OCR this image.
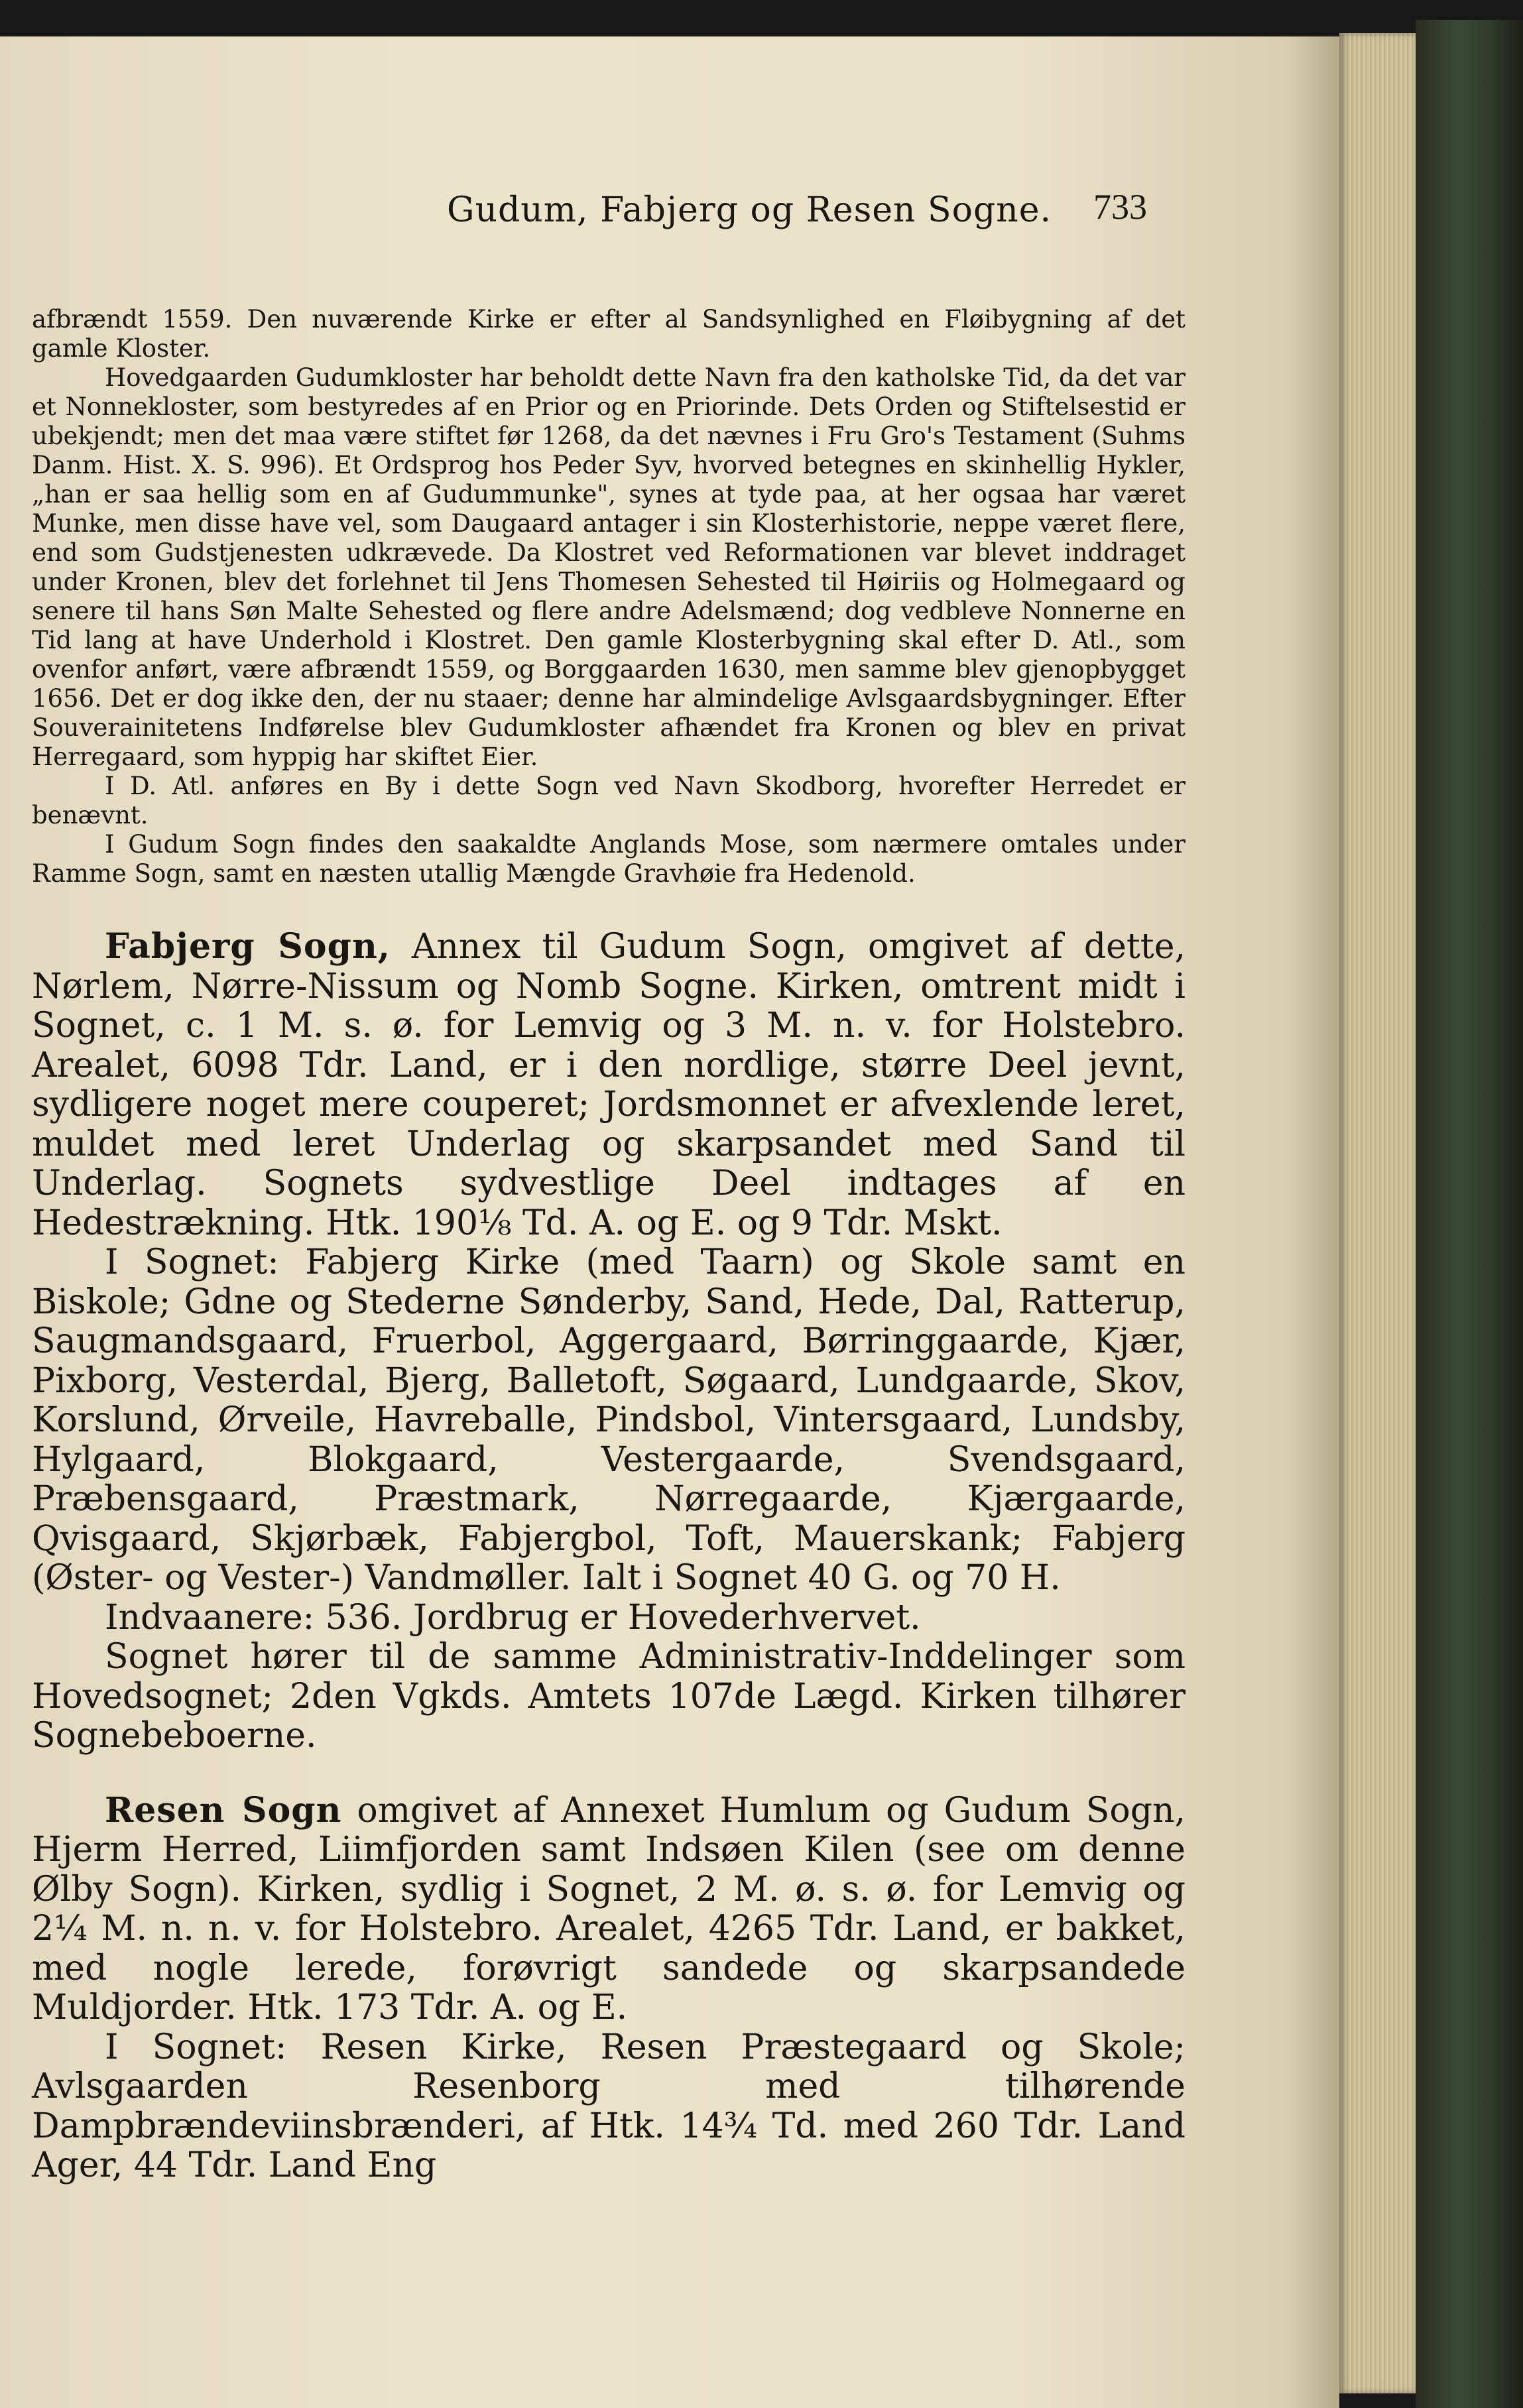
Gudum, Fabjerg og Resen Sogne.	733

afbrændt 1559. Den nuværende Kirke er efter al Sandsynlighed en Fløibygning af det gamle Kloster.

Hovedgaarden Gudumkloster har beholdt dette Navn fra den katholske Tid, da det var et Nonnekloster, som bestyredes af en Prior og en Priorinde. Dets Orden og Stiftelsestid er ubekjendt; men det maa være stiftet før 1268, da det nævnes i Fru Gro's Testament (Suhms Danm. Hist. X. S. 996). Et Ordsprog hos Peder Syv, hvorved betegnes en skinhellig Hykler, „han er saa hellig som en af Gudummunke", synes at tyde paa, at her ogsaa har været Munke, men disse have vel, som Daugaard antager i sin Klosterhistorie, neppe været flere, end som Gudstjenesten udkrævede. Da Klostret ved Reformationen var blevet inddraget under Kronen, blev det forlehnet til Jens Thomesen Sehested til Høiriis og Holmegaard og senere til hans Søn Malte Sehested og flere andre Adelsmænd; dog vedbleve Nonnerne en Tid lang at have Underhold i Klostret. Den gamle Klosterbygning skal efter D. Atl., som ovenfor anført, være afbrændt 1559, og Borggaarden 1630, men samme blev gjenopbygget 1656. Det er dog ikke den, der nu staaer; denne har almindelige Avlsgaardsbygninger. Efter Souverainitetens Indførelse blev Gudumkloster afhændet fra Kronen og blev en privat Herregaard, som hyppig har skiftet Eier.

I D. Atl. anføres en By i dette Sogn ved Navn Skodborg, hvorefter Herredet er benævnt.

I Gudum Sogn findes den saakaldte Anglands Mose, som nærmere omtales under Ramme Sogn, samt en næsten utallig Mængde Gravhøie fra Hedenold.

Fabjerg Sogn, Annex til Gudum Sogn, omgivet af dette, Nørlem, Nørre-Nissum og Nomb Sogne. Kirken, omtrent midt i Sognet, c. 1 M. s. ø. for Lemvig og 3 M. n. v. for Holstebro. Arealet, 6098 Tdr. Land, er i den nordlige, større Deel jevnt, sydligere noget mere couperet; Jordsmonnet er afvexlende leret, muldet med leret Underlag og skarpsandet med Sand til Underlag. Sognets sydvestlige Deel indtages af en Hedestrækning. Htk. 190⅛ Td. A. og E. og 9 Tdr. Mskt.

I Sognet: Fabjerg Kirke (med Taarn) og Skole samt en Biskole; Gdne og Stederne Sønderby, Sand, Hede, Dal, Ratterup, Saugmandsgaard, Fruerbol, Aggergaard, Børringgaarde, Kjær, Pixborg, Vesterdal, Bjerg, Balletoft, Søgaard, Lundgaarde, Skov, Korslund, Ørveile, Havreballe, Pindsbol, Vintersgaard, Lundsby, Hylgaard, Blokgaard, Vestergaarde, Svendsgaard, Præbensgaard, Præstmark, Nørregaarde, Kjærgaarde, Qvisgaard, Skjørbæk, Fabjergbol, Toft, Mauerskank; Fabjerg (Øster- og Vester-) Vandmøller. Ialt i Sognet 40 G. og 70 H.

Indvaanere: 536. Jordbrug er Hovederhvervet.

Sognet hører til de samme Administrativ-Inddelinger som Hovedsognet; 2den Vgkds. Amtets 107de Lægd. Kirken tilhører Sognebeboerne.

Resen Sogn omgivet af Annexet Humlum og Gudum Sogn, Hjerm Herred, Liimfjorden samt Indsøen Kilen (see om denne Ølby Sogn). Kirken, sydlig i Sognet, 2 M. ø. s. ø. for Lemvig og 2¼ M. n. n. v. for Holstebro. Arealet, 4265 Tdr. Land, er bakket, med nogle lerede, forøvrigt sandede og skarpsandede Muldjorder. Htk. 173 Tdr. A. og E.

I Sognet: Resen Kirke, Resen Præstegaard og Skole; Avlsgaarden Resenborg med tilhørende Dampbrændeviinsbrænderi, af Htk. 14¾ Td. med 260 Tdr. Land Ager, 44 Tdr. Land Eng
